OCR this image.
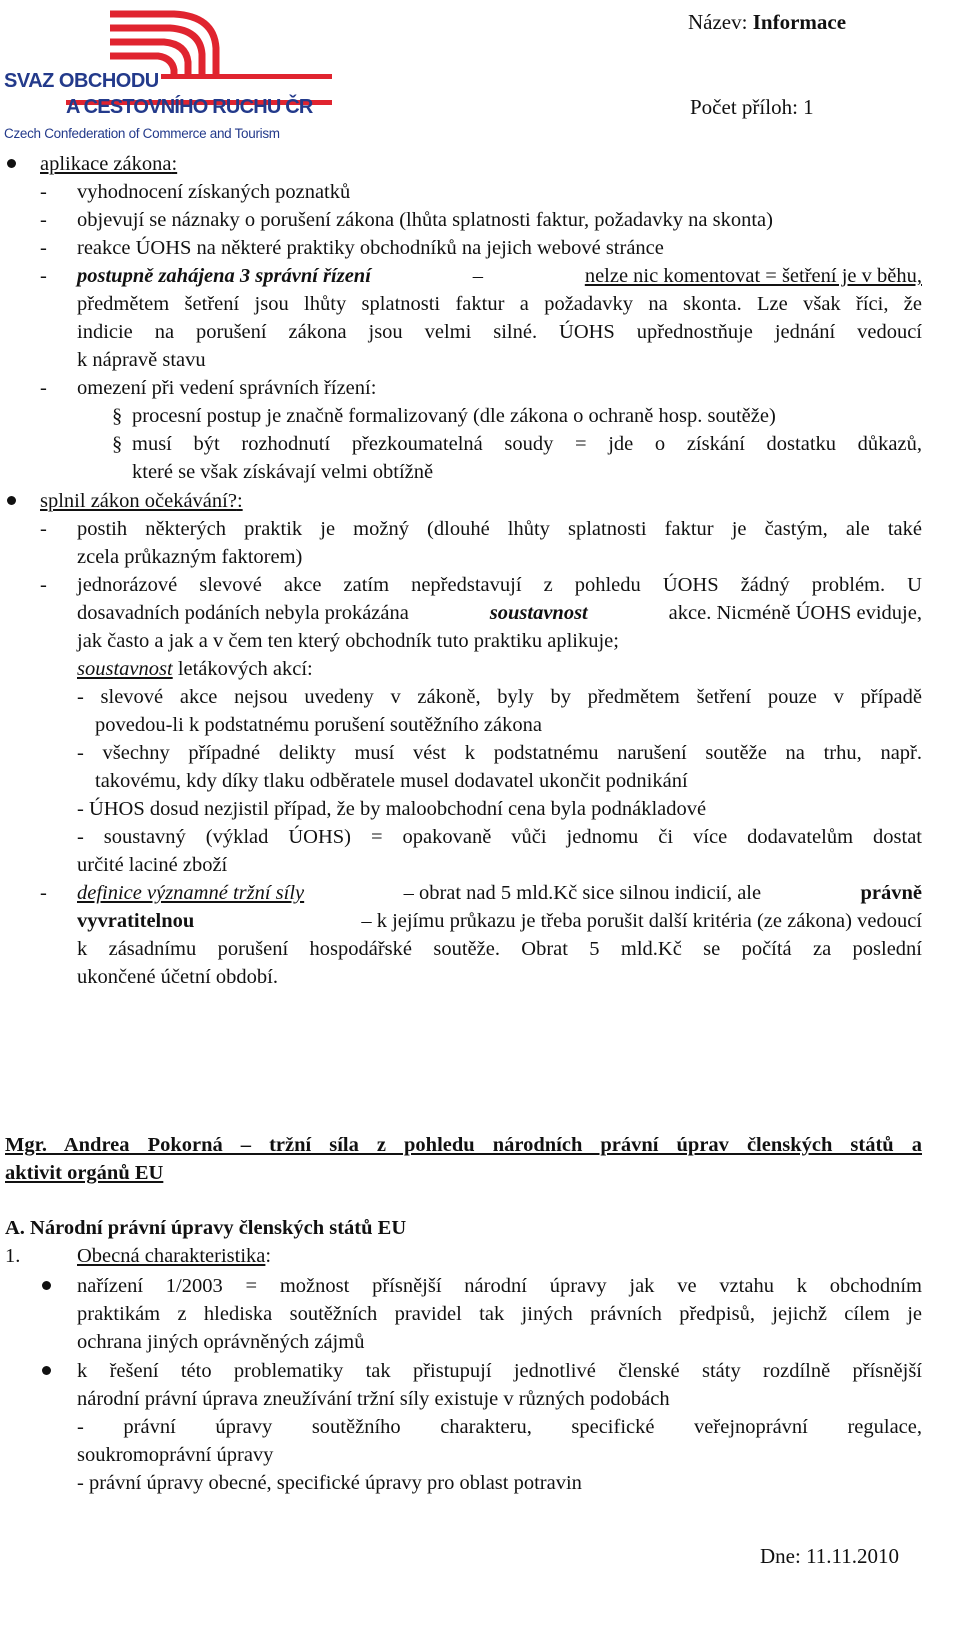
SVAZ OBCHODU
A CESTOVNÍHO RUCHU ČR
Czech Confederation of Commerce and Tourism
Název: Informace
Počet příloh: 1
aplikace zákona:
- vyhodnocení získaných poznatků
- objevují se náznaky o porušení zákona (lhůta splatnosti faktur, požadavky na skonta)
- reakce ÚOHS na některé praktiky obchodníků na jejich webové stránce
- postupně zahájena 3 správní řízení	–	nelze nic komentovat = šetření je v běhu,
předmětem šetření jsou lhůty splatnosti faktur a požadavky na skonta. Lze však říci, že
indicie na porušení zákona jsou velmi silné. ÚOHS upřednostňuje jednání vedoucí
k nápravě stavu
- omezení při vedení správních řízení:
§ procesní postup je značně formalizovaný (dle zákona o ochraně hosp. soutěže)
§ musí být rozhodnutí přezkoumatelná soudy = jde o získání dostatku důkazů,
které se však získávají velmi obtížně
splnil zákon očekávání?:
- postih některých praktik je možný (dlouhé lhůty splatnosti faktur je častým, ale také
zcela průkazným faktorem)
- jednorázové slevové akce zatím nepředstavují z pohledu ÚOHS žádný problém. U
dosavadních podáních nebyla prokázána	soustavnost	akce. Nicméně ÚOHS eviduje,
jak často a jak a v čem ten který obchodník tuto praktiku aplikuje;
soustavnost letákových akcí:
- slevové akce nejsou uvedeny v zákoně, byly by předmětem šetření pouze v případě
povedou-li k podstatnému porušení soutěžního zákona
- všechny případné delikty musí vést k podstatnému narušení soutěže na trhu, např.
takovému, kdy díky tlaku odběratele musel dodavatel ukončit podnikání
- ÚHOS dosud nezjistil případ, že by maloobchodní cena byla podnákladové
- soustavný (výklad ÚOHS) = opakovaně vůči jednomu či více dodavatelům dostat
určité laciné zboží
- definice významné tržní síly	– obrat nad 5 mld.Kč sice silnou indicií, ale	právně
vyvratitelnou	– k jejímu průkazu je třeba porušit další kritéria (ze zákona) vedoucí
k zásadnímu porušení hospodářské soutěže. Obrat 5 mld.Kč se počítá za poslední
ukončené účetní období.
Mgr. Andrea Pokorná – tržní síla z pohledu národních právní úprav členských států a
aktivit orgánů EU
A. Národní právní úpravy členských států EU
1.	Obecná charakteristika:
nařízení 1/2003 = možnost přísnější národní úpravy jak ve vztahu k obchodním
praktikám z hlediska soutěžních pravidel tak jiných právních předpisů, jejichž cílem je
ochrana jiných oprávněných zájmů
k řešení této problematiky tak přistupují jednotlivé členské státy rozdílně přísnější
národní právní úprava zneužívání tržní síly existuje v různých podobách
- právní úpravy soutěžního charakteru, specifické veřejnoprávní regulace,
soukromoprávní úpravy
- právní úpravy obecné, specifické úpravy pro oblast potravin
Dne: 11.11.2010
